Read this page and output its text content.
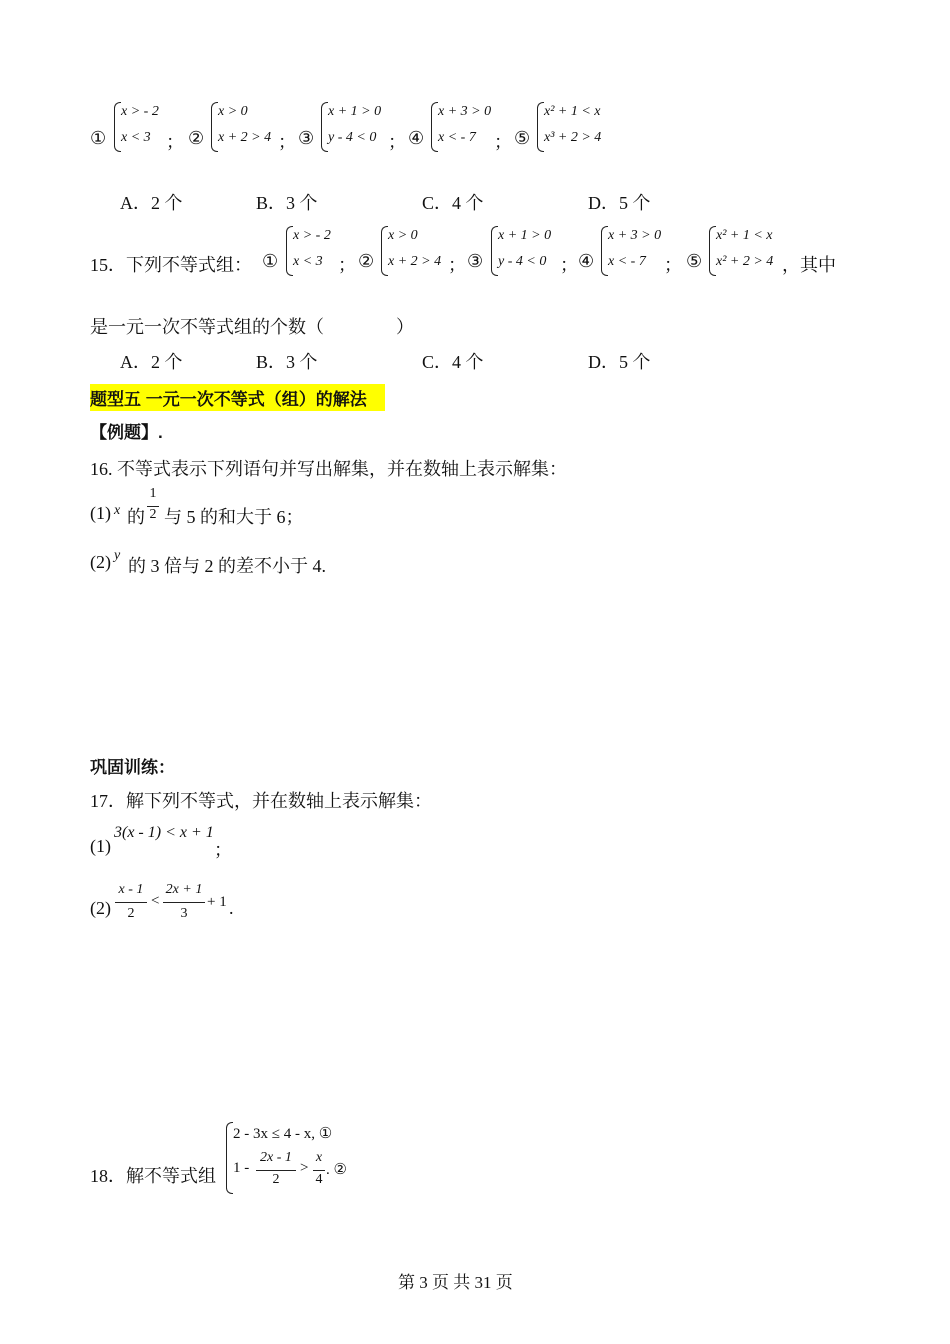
①
x > - 2
x < 3 ； ②
x > 0
x + 2 > 4 ； ③
x + 1 > 0
y - 4 < 0 ； ④
x + 3 > 0
x < - 7 ； ⑤
x² + 1 < x
x³ + 2 > 4
A．2 个	B．3 个	C．4 个	D．5 个
15．下列不等式组： ①
x > - 2
x < 3 ； ②
x > 0
x + 2 > 4 ； ③
x + 1 > 0
y - 4 < 0 ； ④
x + 3 > 0
x < - 7 ； ⑤
x² + 1 < x
x² + 2 > 4 ，其中
是一元一次不等式组的个数（　　　　）
A．2 个	B．3 个	C．4 个	D．5 个
题型五 一元一次不等式（组）的解法
【例题】.
16. 不等式表示下列语句并写出解集，并在数轴上表示解集：
(1) x 的
1
2 与 5 的和大于 6；
(2) y
的 3 倍与 2 的差不小于 4.
巩固训练：
17．解下列不等式，并在数轴上表示解集：
(1)
3(x - 1) < x + 1
；
(2)
x - 1
2
<
2x + 1
3
+ 1 .
18．解不等式组
2 - 3x ≤ 4 - x, ①
1 -
2x - 1
2
>
x
4
. ②
第 3 页 共 31 页
